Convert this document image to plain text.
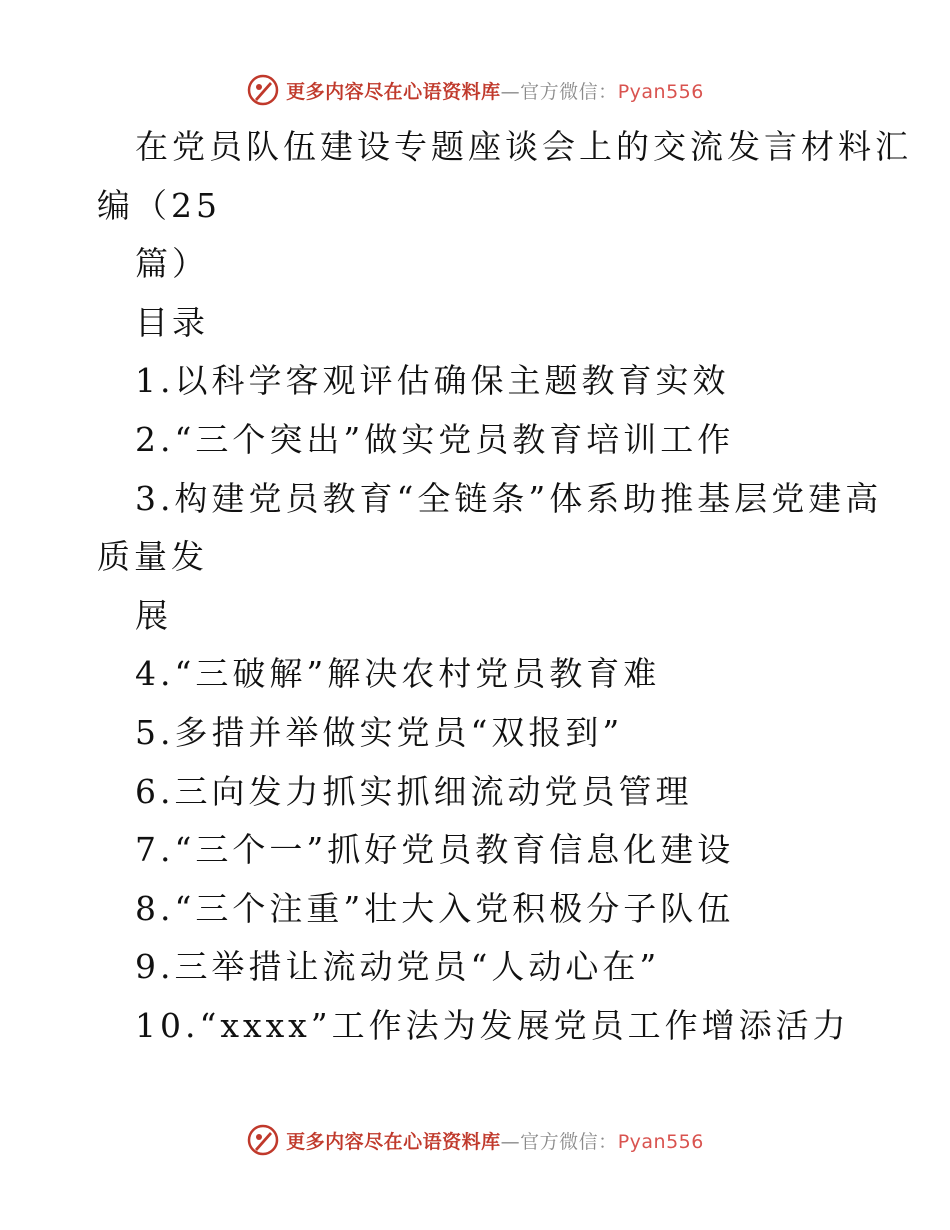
更多内容尽在心语资料库—官方微信：Pyan556
在党员队伍建设专题座谈会上的交流发言材料汇
编（25
篇）
目录
1.以科学客观评估确保主题教育实效
2.“三个突出”做实党员教育培训工作
3.构建党员教育“全链条”体系助推基层党建高
质量发
展
4.“三破解”解决农村党员教育难
5.多措并举做实党员“双报到”
6.三向发力抓实抓细流动党员管理
7.“三个一”抓好党员教育信息化建设
8.“三个注重”壮大入党积极分子队伍
9.三举措让流动党员“人动心在”
10.“xxxx”工作法为发展党员工作增添活力
更多内容尽在心语资料库—官方微信：Pyan556
